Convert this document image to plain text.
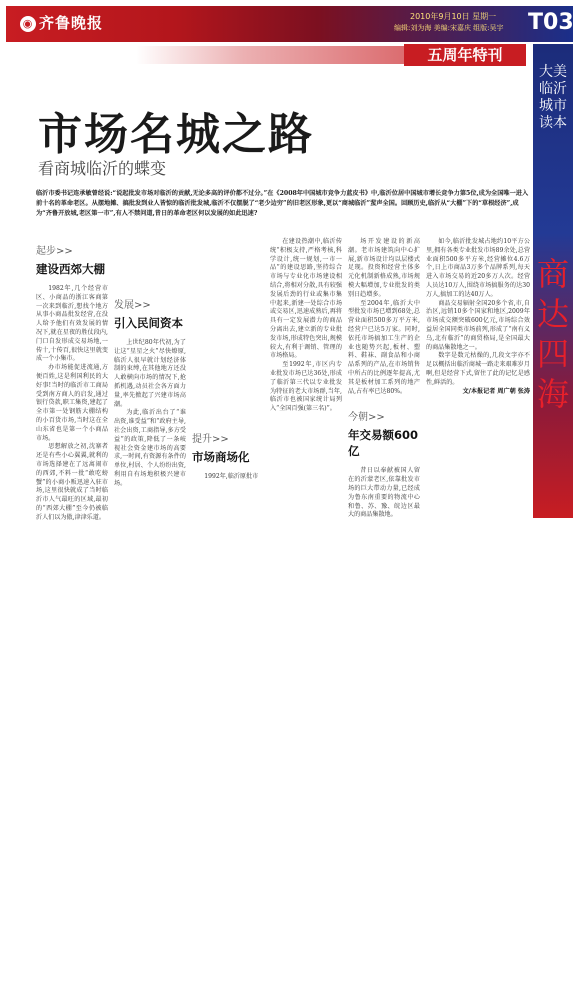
◉ 齐鲁晚报	2010年9月10日 星期一
编辑:刘为海 美编:宋嘉庆 组版:吴宇 T03
五周年特刊
大美临沂城市读本
商达四海
市场名城之路
看商城临沂的蝶变
临沂市委书记连承敏曾经说:“说起批发市场对临沂的贡献,无论多高的评价都不过分。”在《2008年中国城市竞争力蓝皮书》中,临沂位居中国城市增长竞争力第5位,成为全国唯一进入前十名的革命老区。从摆地摊、搞批发到业人皆惊的临沂批发城,临沂不仅摆脱了“老少边穷”的旧老区形象,更以“商城临沂”蜚声全国。回顾历史,临沂从“大棚”下的“草根经济”,成为“齐鲁开放城,老区第一市”,有人不禁问道,昔日的革命老区何以发展的如此迅速?
起步>>
建设西郊大棚

1982年,几个经营市区、小商品的浙江客商第一次来到临沂,想找个地方从事小商品批发经营,在没人给予他们有效发展的情况下,就在星夜的胜仗段内,门口自发形成交易场地,一传十,十传百,很快这里就变成一个小集市。

办市场能促进流通,方便百姓,这是利国利民的大好事!当时的临沂市工商局受到南方商人的启发,通过银行贷款,职工集资,建起了全市第一处钢筋大棚结构的小百货市场,当时这在全山东省也是第一个小商品市场。

思想解放之初,沈寨者还是有些小心翼翼,就利的市场选择建在了远离闹市的西郊,不料一批“敢吃螃蟹”的小商小贩迅速入驻市场,这里很快就成了当时临沂市人气最旺的区域,最初的“西郊大棚”至今仍被临沂人们以为傲,津津乐道。

发展>>
引入民间资本

上世纪80年代初,为了让这“星星之火”尽快燎原,临沂人很早就计划经济体制的束缚,在其他地方还没人敢横向市场的情况下,抢抓机遇,动员社会各方面力量,率先掀起了兴建市场高潮。

为此,临沂出台了“谁出资,谁受益”和“政府主导,社会出资,工商指导,多方受益”的政策,降低了一条岐视社会资金建市场的高要求,一时间,有资源有条件的单位,村居、个人纷纷出资,利用自有场地积极兴建市场。

提升>>
市场商场化

1992年,临沂原批市

在建设热潮中,临沂传统“积极支持,严格考核,科学设计,统一规划,一市一品”的建设思路,坚持综合市场与专业化市场建设相结合,将相对分散,具有较强发展后劲的行业或集市集中起来,新建一处综合市场或交易区,迅速成熟后,再将具有一定发展潜力的商品分离出去,建立新的专业批发市场,形成特色突出,规模较大,有利于调销、管理的市场格局。

至1992年,市区内专业批发市场已达36处,形成了临沂第三代以专业批发为特征的老大市场群,当年,临沂市也被国家统计局列入“全国百强(第三名)”。

场开发建设的新高潮。老市场建筑向中心扩展,新市场设计均以层楼式足现。投资和经营主体多元化机制新格成熟,市场规模大幅增加,专业批发的类别日趋增多。

至2004年,临沂大中型批发市场已增到68处,总营业面积500多万平方米,经营户已达5万家。同时,依托市场搞加工生产的企业也随势兴起,板材、塑料、鞋袜、副食品和小商品系列的产品,在市场销售中所占的比例逐年提高,尤其是板材加工系列的地产品,占有率已达80%。

今朝>>
年交易额600亿

昔日以奉献被国人留在的沂蒙老区,依靠批发市场的巨大带动力量,已经成为鲁东南重要的物流中心和鲁、苏、豫、皖边区最大的商品集散地。

如今,临沂批发城占地约10平方公里,拥有各类专业批发市场89余处,总营业面积500多平方米,经营摊位4.6万个,日上市商品3万多个品牌系列,每天进入市场交易的近20多万人次。经营人员达10万人,围绕市场搞服务的达30万人,搞加工的达40万人。

商品交易辐射全国20多个省,市,自治区,远销10多个国家和地区,2009年市场成交额突破600亿元,市场综合效益居全国同类市场前列,形成了“南有义乌,北有临沂”的商贸格局,是全国最大的商品集散地之一。

数字是数元枯燥的,几段文字亦不足以概括出临沂商城一路走来艰难岁月啊,但是经营下式,留住了此的记忆是感性,鲜活的。

文/本报记者 周广朝 张涛
